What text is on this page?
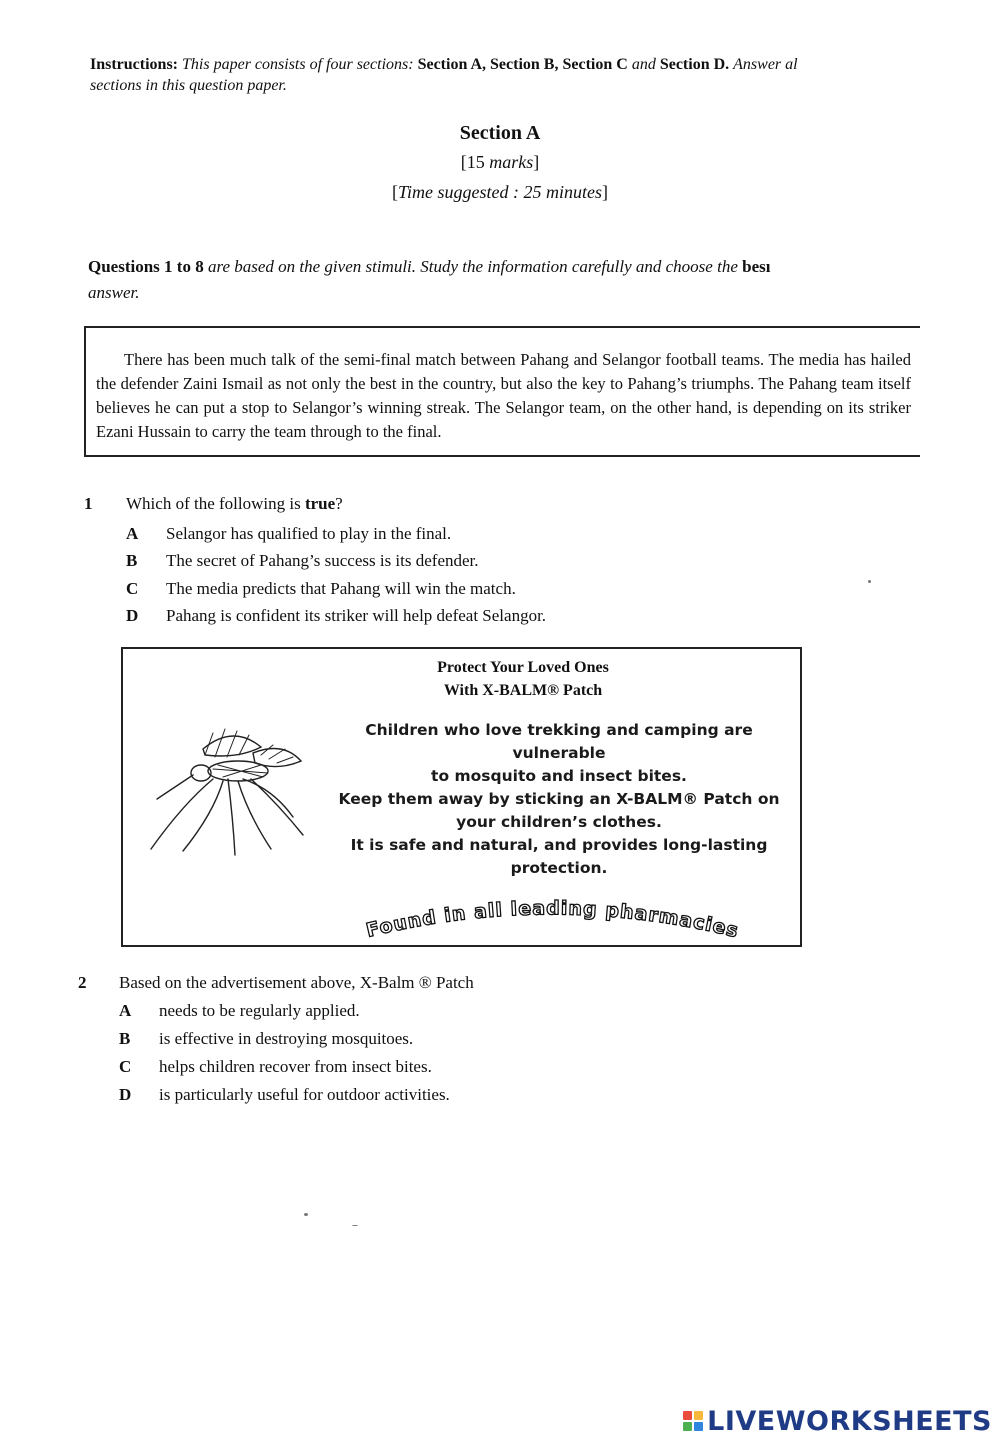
Instructions: This paper consists of four sections: Section A, Section B, Section C and Section D. Answer al
sections in this question paper.
Section A
[15 marks]
[Time suggested : 25 minutes]
Questions 1 to 8 are based on the given stimuli. Study the information carefully and choose the besı
answer.
There has been much talk of the semi-final match between Pahang and Selangor football teams. The media has hailed the defender Zaini Ismail as not only the best in the country, but also the key to Pahang’s triumphs. The Pahang team itself believes he can put a stop to Selangor’s winning streak. The Selangor team, on the other hand, is depending on its striker Ezani Hussain to carry the team through to the final.
1 Which of the following is true?
A Selangor has qualified to play in the final.
B The secret of Pahang’s success is its defender.
C The media predicts that Pahang will win the match.
D Pahang is confident its striker will help defeat Selangor.
Protect Your Loved Ones
With X-BALM® Patch
Children who love trekking and camping are vulnerable
to mosquito and insect bites.
Keep them away by sticking an X-BALM® Patch on
your children’s clothes.
It is safe and natural, and provides long-lasting
protection.
Found in all leading pharmacies
2 Based on the advertisement above, X-Balm ® Patch
A needs to be regularly applied.
B is effective in destroying mosquitoes.
C helps children recover from insect bites.
D is particularly useful for outdoor activities.
LIVEWORKSHEETS
